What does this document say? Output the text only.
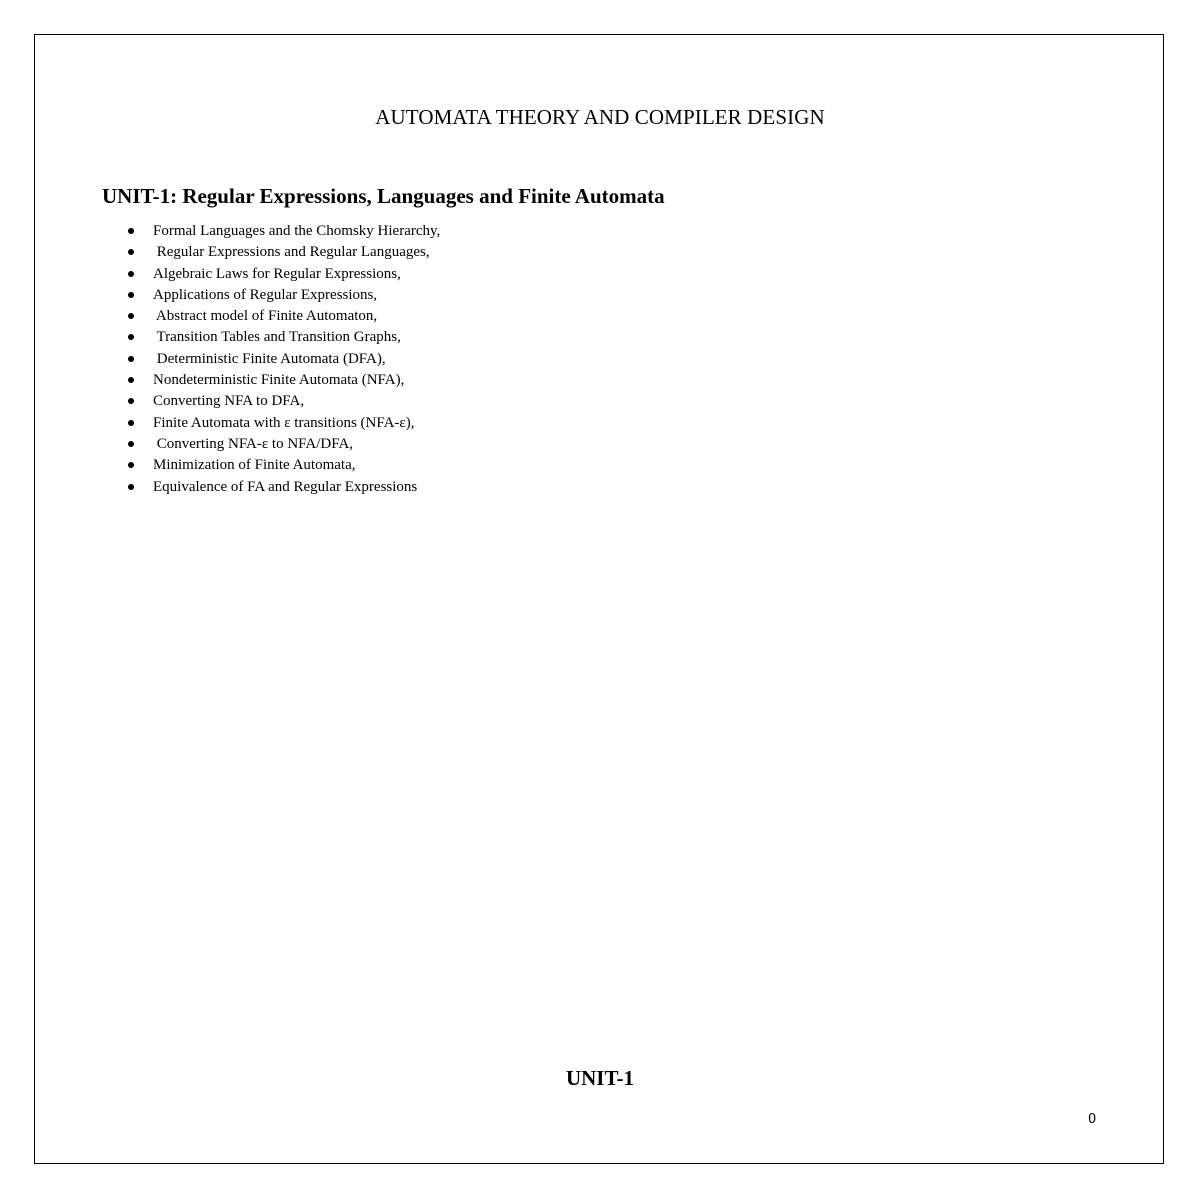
AUTOMATA THEORY AND COMPILER DESIGN
UNIT-1: Regular Expressions, Languages and Finite Automata
Formal Languages and the Chomsky Hierarchy,
Regular Expressions and Regular Languages,
Algebraic Laws for Regular Expressions,
Applications of Regular Expressions,
Abstract model of Finite Automaton,
Transition Tables and Transition Graphs,
Deterministic Finite Automata (DFA),
Nondeterministic Finite Automata (NFA),
Converting NFA to DFA,
Finite Automata with ε transitions (NFA-ε),
Converting NFA-ε to NFA/DFA,
Minimization of Finite Automata,
Equivalence of FA and Regular Expressions
UNIT-1
0
